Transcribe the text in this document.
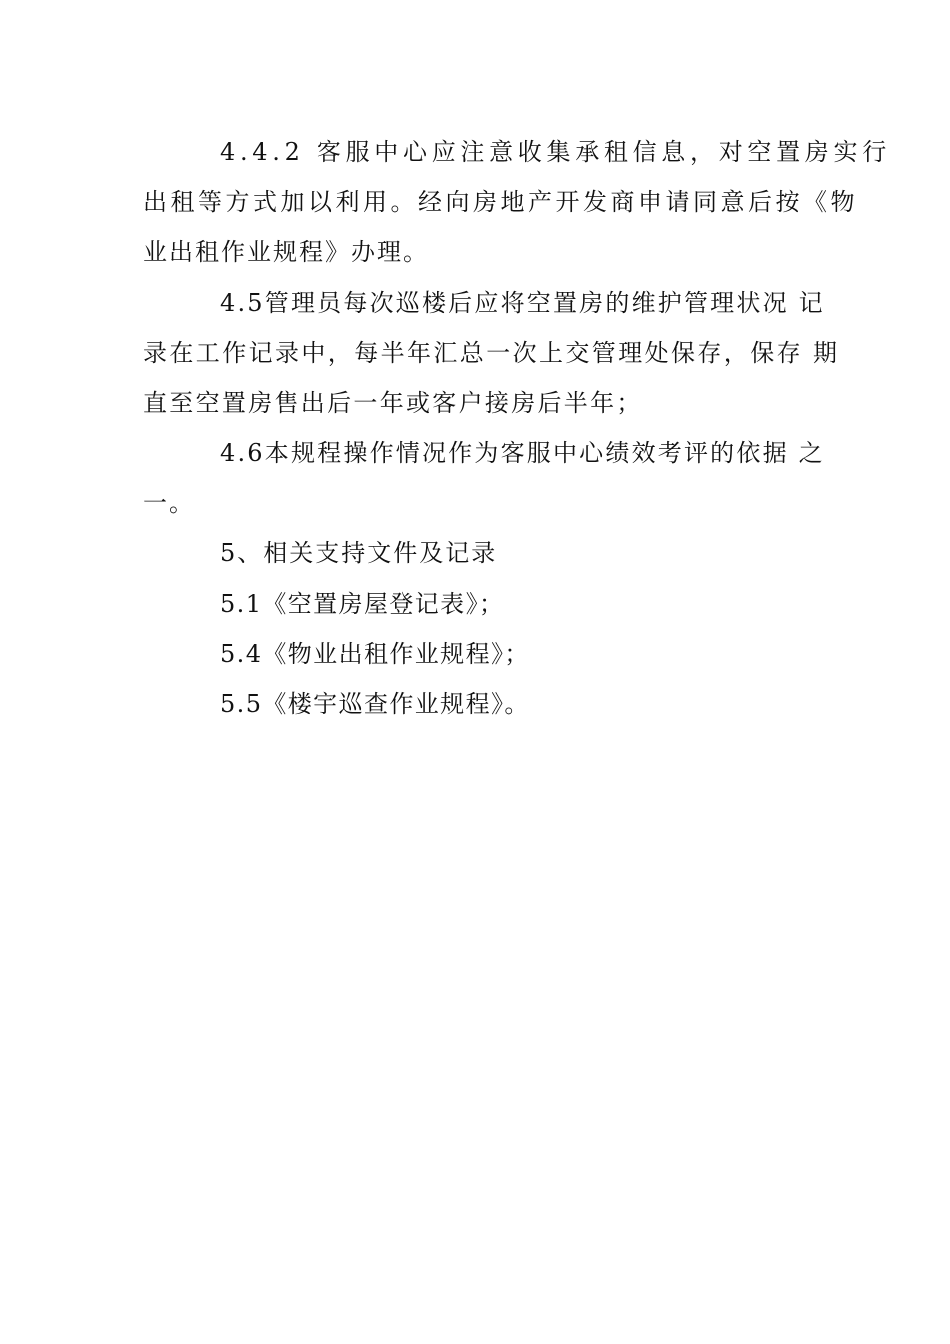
4.4.2 客服中心应注意收集承租信息，对空置房实行
出租等方式加以利用。经向房地产开发商申请同意后按《物
业出租作业规程》办理。
4.5管理员每次巡楼后应将空置房的维护管理状况 记
录在工作记录中，每半年汇总一次上交管理处保存，保存 期
直至空置房售出后一年或客户接房后半年；
4.6本规程操作情况作为客服中心绩效考评的依据 之
一。
5、相关支持文件及记录
5.1《空置房屋登记表》；
5.4《物业出租作业规程》；
5.5《楼宇巡查作业规程》。
